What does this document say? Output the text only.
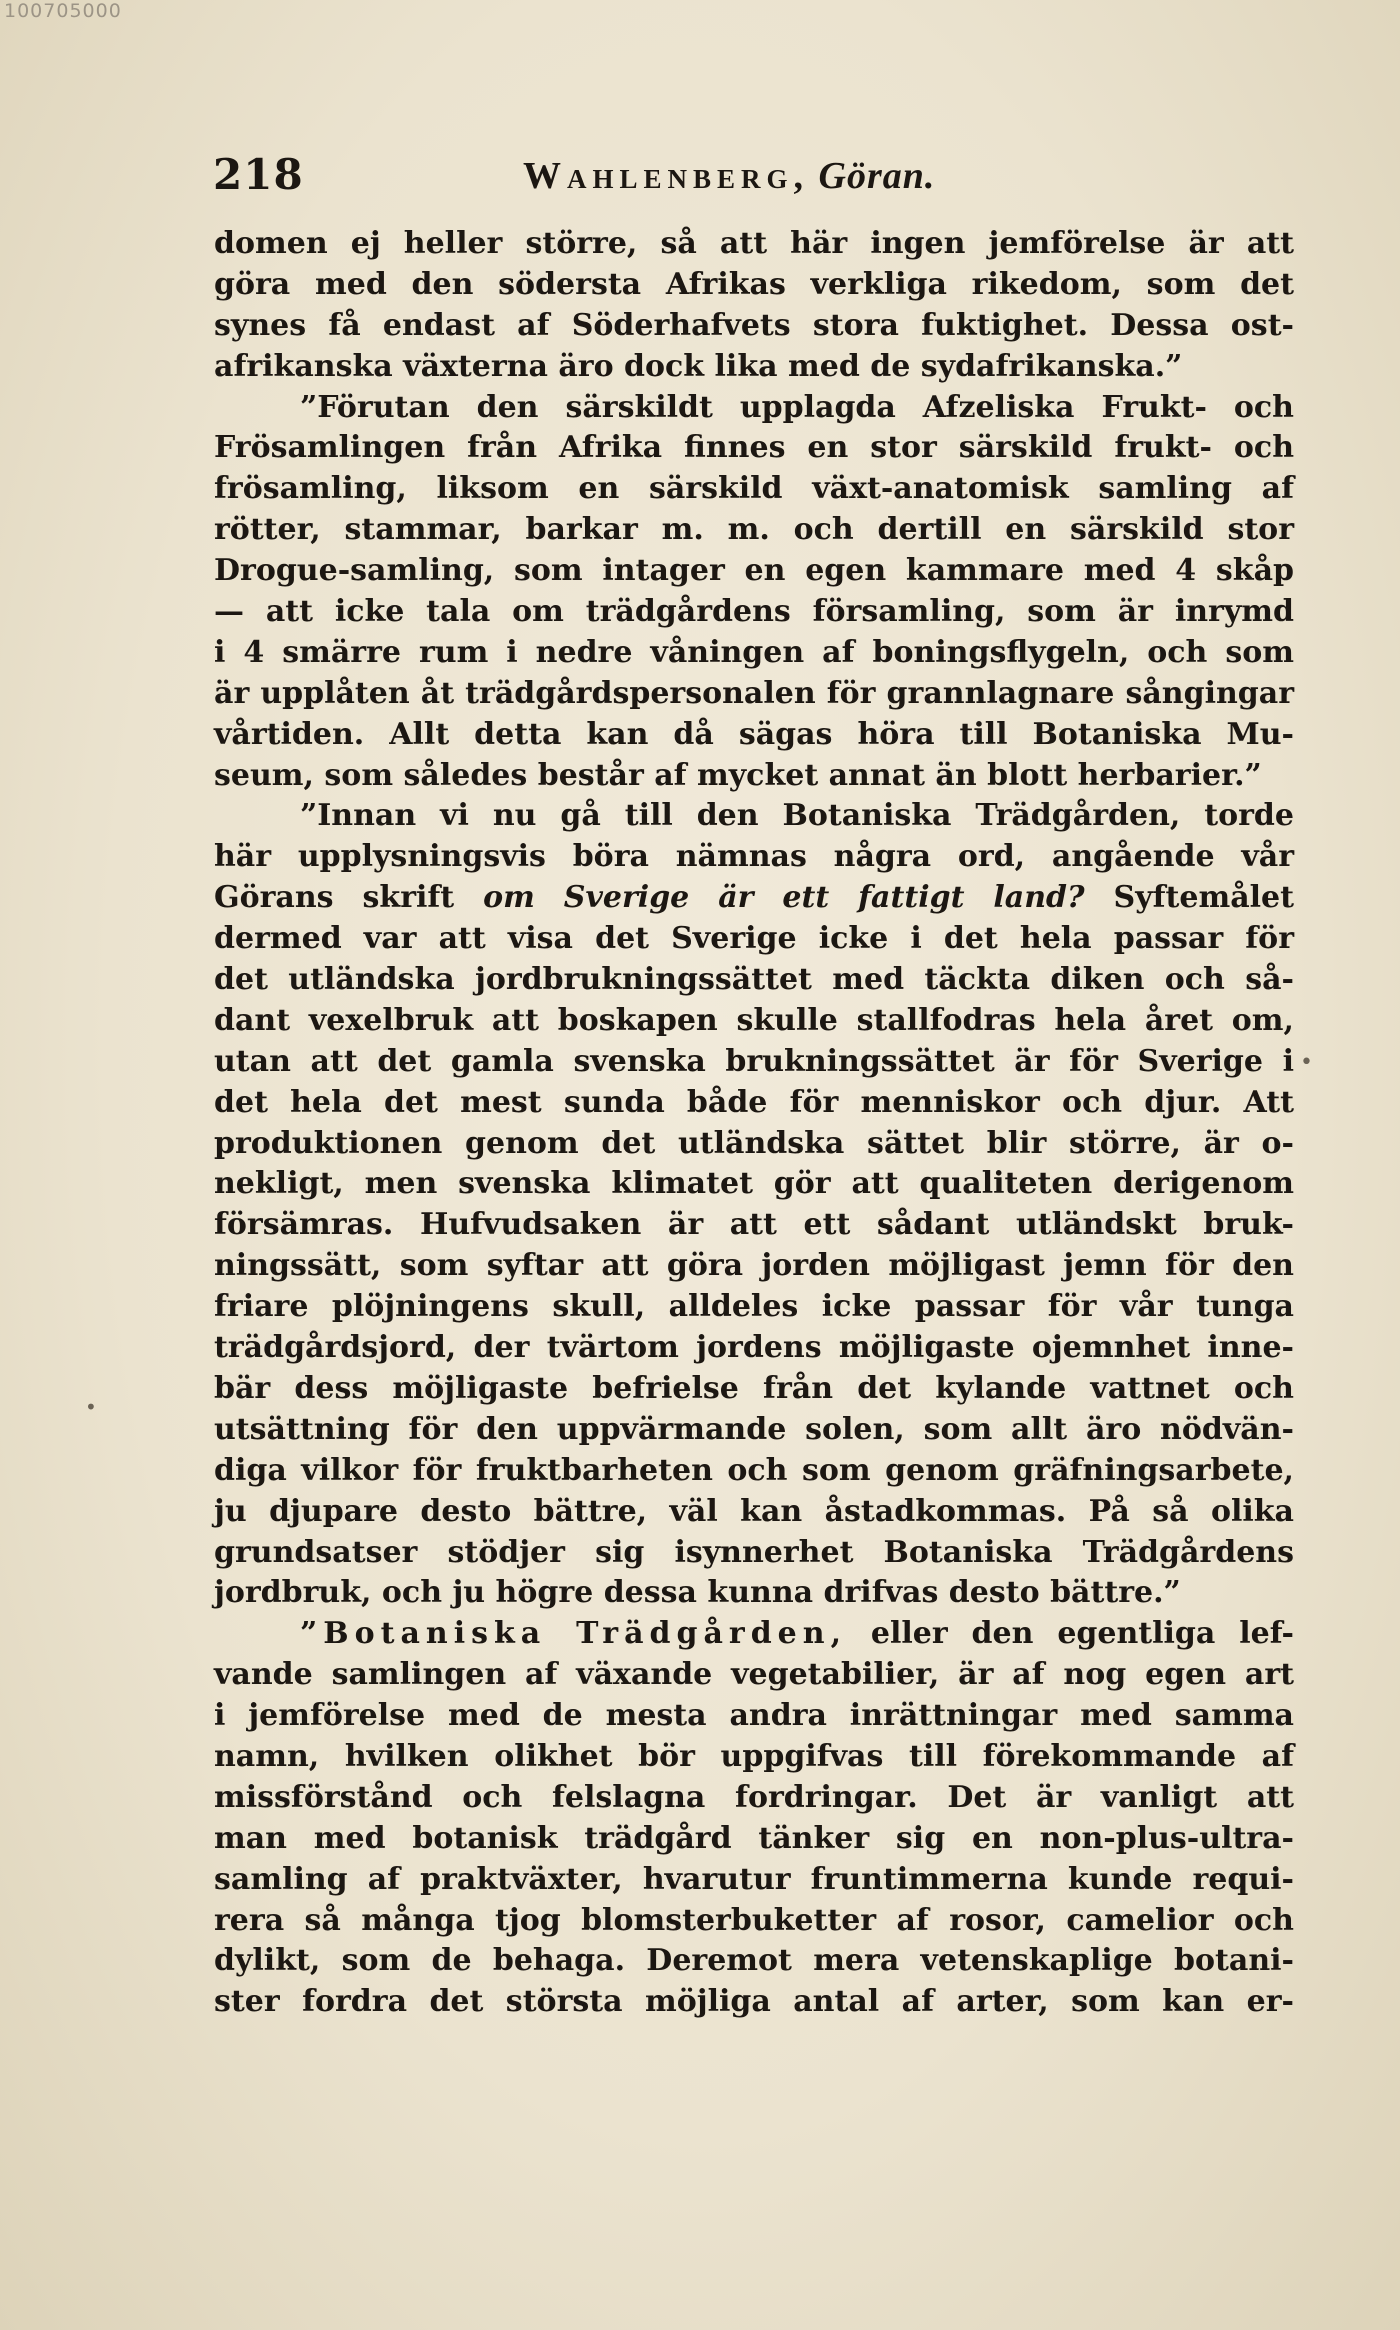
100705000
218	Wahlenberg, Göran.
domen ej heller större, så att här ingen jemförelse är att
göra med den södersta Afrikas verkliga rikedom, som det
synes få endast af Söderhafvets stora fuktighet. Dessa ost-
afrikanska växterna äro dock lika med de sydafrikanska.”
”Förutan den särskildt upplagda Afzeliska Frukt- och
Frösamlingen från Afrika finnes en stor särskild frukt- och
frösamling, liksom en särskild växt-anatomisk samling af
rötter, stammar, barkar m. m. och dertill en särskild stor
Drogue-samling, som intager en egen kammare med 4 skåp
— att icke tala om trädgårdens församling, som är inrymd
i 4 smärre rum i nedre våningen af boningsflygeln, och som
är upplåten åt trädgårdspersonalen för grannlagnare sångingar
vårtiden. Allt detta kan då sägas höra till Botaniska Mu-
seum, som således består af mycket annat än blott herbarier.”
”Innan vi nu gå till den Botaniska Trädgården, torde
här upplysningsvis böra nämnas några ord, angående vår
Görans skrift om Sverige är ett fattigt land? Syftemålet
dermed var att visa det Sverige icke i det hela passar för
det utländska jordbrukningssättet med täckta diken och så-
dant vexelbruk att boskapen skulle stallfodras hela året om,
utan att det gamla svenska brukningssättet är för Sverige i
det hela det mest sunda både för menniskor och djur. Att
produktionen genom det utländska sättet blir större, är o-
nekligt, men svenska klimatet gör att qualiteten derigenom
försämras. Hufvudsaken är att ett sådant utländskt bruk-
ningssätt, som syftar att göra jorden möjligast jemn för den
friare plöjningens skull, alldeles icke passar för vår tunga
trädgårdsjord, der tvärtom jordens möjligaste ojemnhet inne-
bär dess möjligaste befrielse från det kylande vattnet och
utsättning för den uppvärmande solen, som allt äro nödvän-
diga vilkor för fruktbarheten och som genom gräfningsarbete,
ju djupare desto bättre, väl kan åstadkommas. På så olika
grundsatser stödjer sig isynnerhet Botaniska Trädgårdens
jordbruk, och ju högre dessa kunna drifvas desto bättre.”
”Botaniska Trädgården, eller den egentliga lef-
vande samlingen af växande vegetabilier, är af nog egen art
i jemförelse med de mesta andra inrättningar med samma
namn, hvilken olikhet bör uppgifvas till förekommande af
missförstånd och felslagna fordringar. Det är vanligt att
man med botanisk trädgård tänker sig en non-plus-ultra-
samling af praktväxter, hvarutur fruntimmerna kunde requi-
rera så många tjog blomsterbuketter af rosor, camelior och
dylikt, som de behaga. Deremot mera vetenskaplige botani-
ster fordra det största möjliga antal af arter, som kan er-
•
•
